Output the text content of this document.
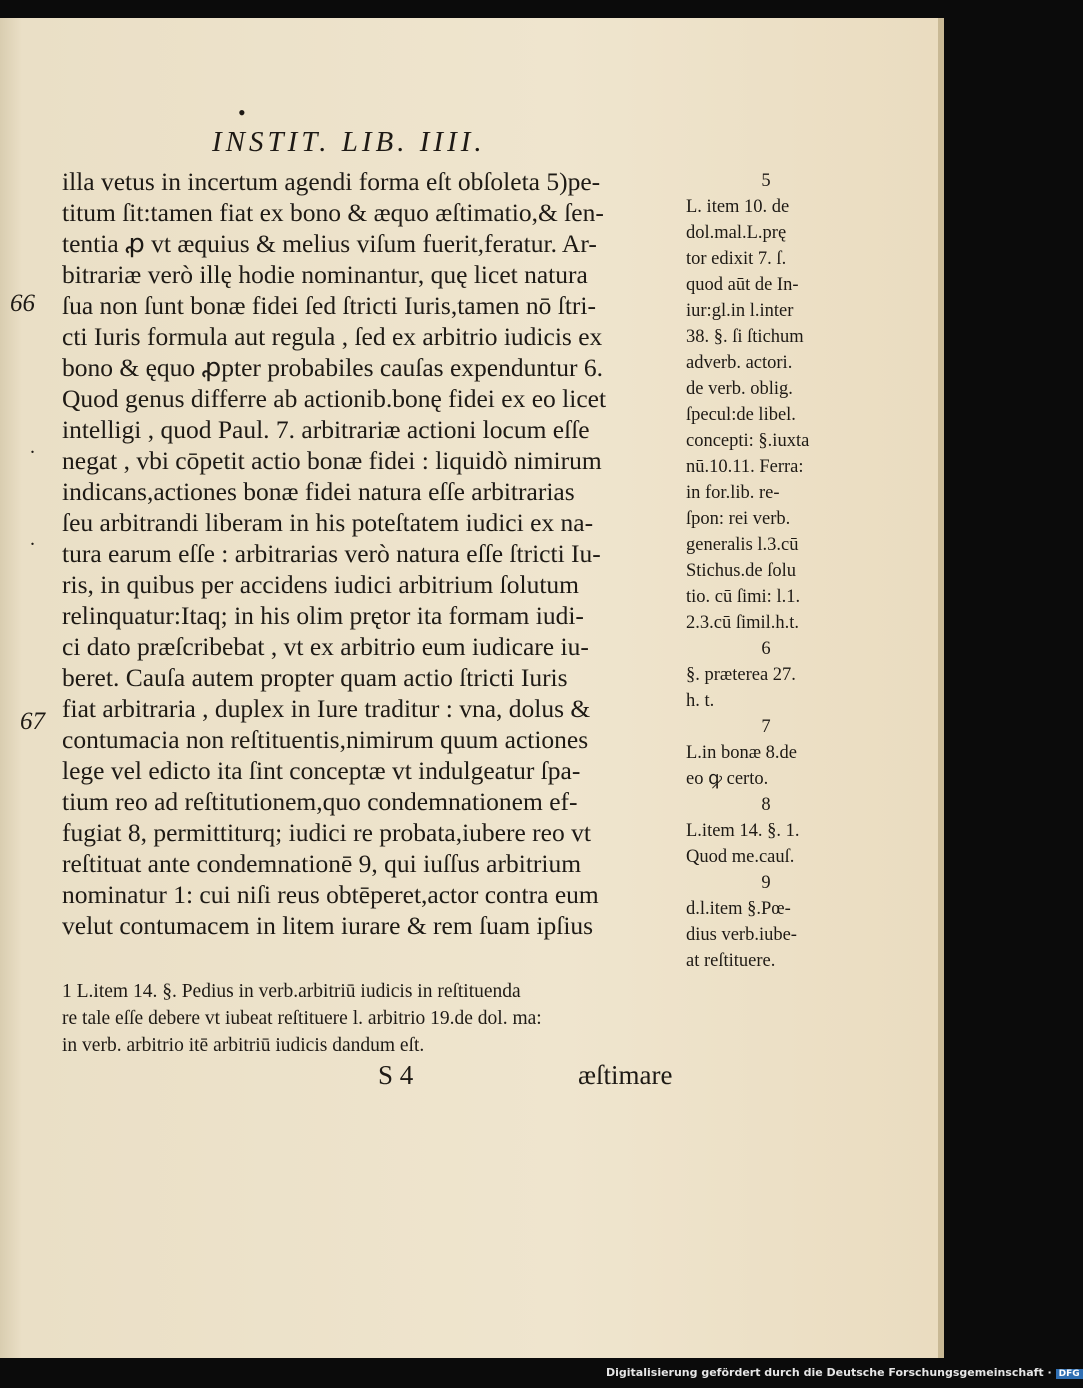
•
INSTIT. LIB. IIII.
66
67
.
.
illa vetus in incertum agendi forma eſt obſoleta 5)pe-
titum ſit:tamen fiat ex bono & æquo æſtimatio,& ſen-
tentia ꝓ vt æquius & melius viſum fuerit,feratur. Ar-
bitrariæ verò illę hodie nominantur, quę licet natura
ſua non ſunt bonæ fidei ſed ſtricti Iuris,tamen nō ſtri-
cti Iuris formula aut regula , ſed ex arbitrio iudicis ex
bono & ęquo ꝓpter probabiles cauſas expenduntur 6.
Quod genus differre ab actionib.bonę fidei ex eo licet
intelligi , quod Paul. 7. arbitrariæ actioni locum eſſe
negat , vbi cōpetit actio bonæ fidei : liquidò nimirum
indicans,actiones bonæ fidei natura eſſe arbitrarias
ſeu arbitrandi liberam in his poteſtatem iudici ex na-
tura earum eſſe : arbitrarias verò natura eſſe ſtricti Iu-
ris, in quibus per accidens iudici arbitrium ſolutum
relinquatur:Itaq; in his olim prętor ita formam iudi-
ci dato præſcribebat , vt ex arbitrio eum iudicare iu-
beret. Cauſa autem propter quam actio ſtricti Iuris
fiat arbitraria , duplex in Iure traditur : vna, dolus &
contumacia non reſtituentis,nimirum quum actiones
lege vel edicto ita ſint conceptæ vt indulgeatur ſpa-
tium reo ad reſtitutionem,quo condemnationem ef-
fugiat 8, permittiturq; iudici re probata,iubere reo vt
reſtituat ante condemnationē 9, qui iuſſus arbitrium
nominatur 1: cui niſi reus obtēperet,actor contra eum
velut contumacem in litem iurare & rem ſuam ipſius
5
L. item 10. de
dol.mal.L.prę
tor edixit 7. ſ.
quod aūt de In-
iur:gl.in l.inter
38. §. ſi ſtichum
adverb. actori.
de verb. oblig.
ſpecul:de libel.
concepti: §.iuxta
nū.10.11. Ferra:
in for.lib. re-
ſpon: rei verb.
generalis l.3.cū
Stichus.de ſolu
tio. cū ſimi: l.1.
2.3.cū ſimil.h.t.
6
§. præterea 27.
h. t.
7
L.in bonæ 8.de
eo ꝙ certo.
8
L.item 14. §. 1.
Quod me.cauſ.
9
d.l.item §.Pœ-
dius verb.iube-
at reſtituere.
1 L.item 14. §. Pedius in verb.arbitriū iudicis in reſtituenda
re tale eſſe debere vt iubeat reſtituere l. arbitrio 19.de dol. ma:
in verb. arbitrio itē arbitriū iudicis dandum eſt.
S 4	æſtimare
Digitalisierung gefördert durch die Deutsche Forschungsgemeinschaft · DFG
